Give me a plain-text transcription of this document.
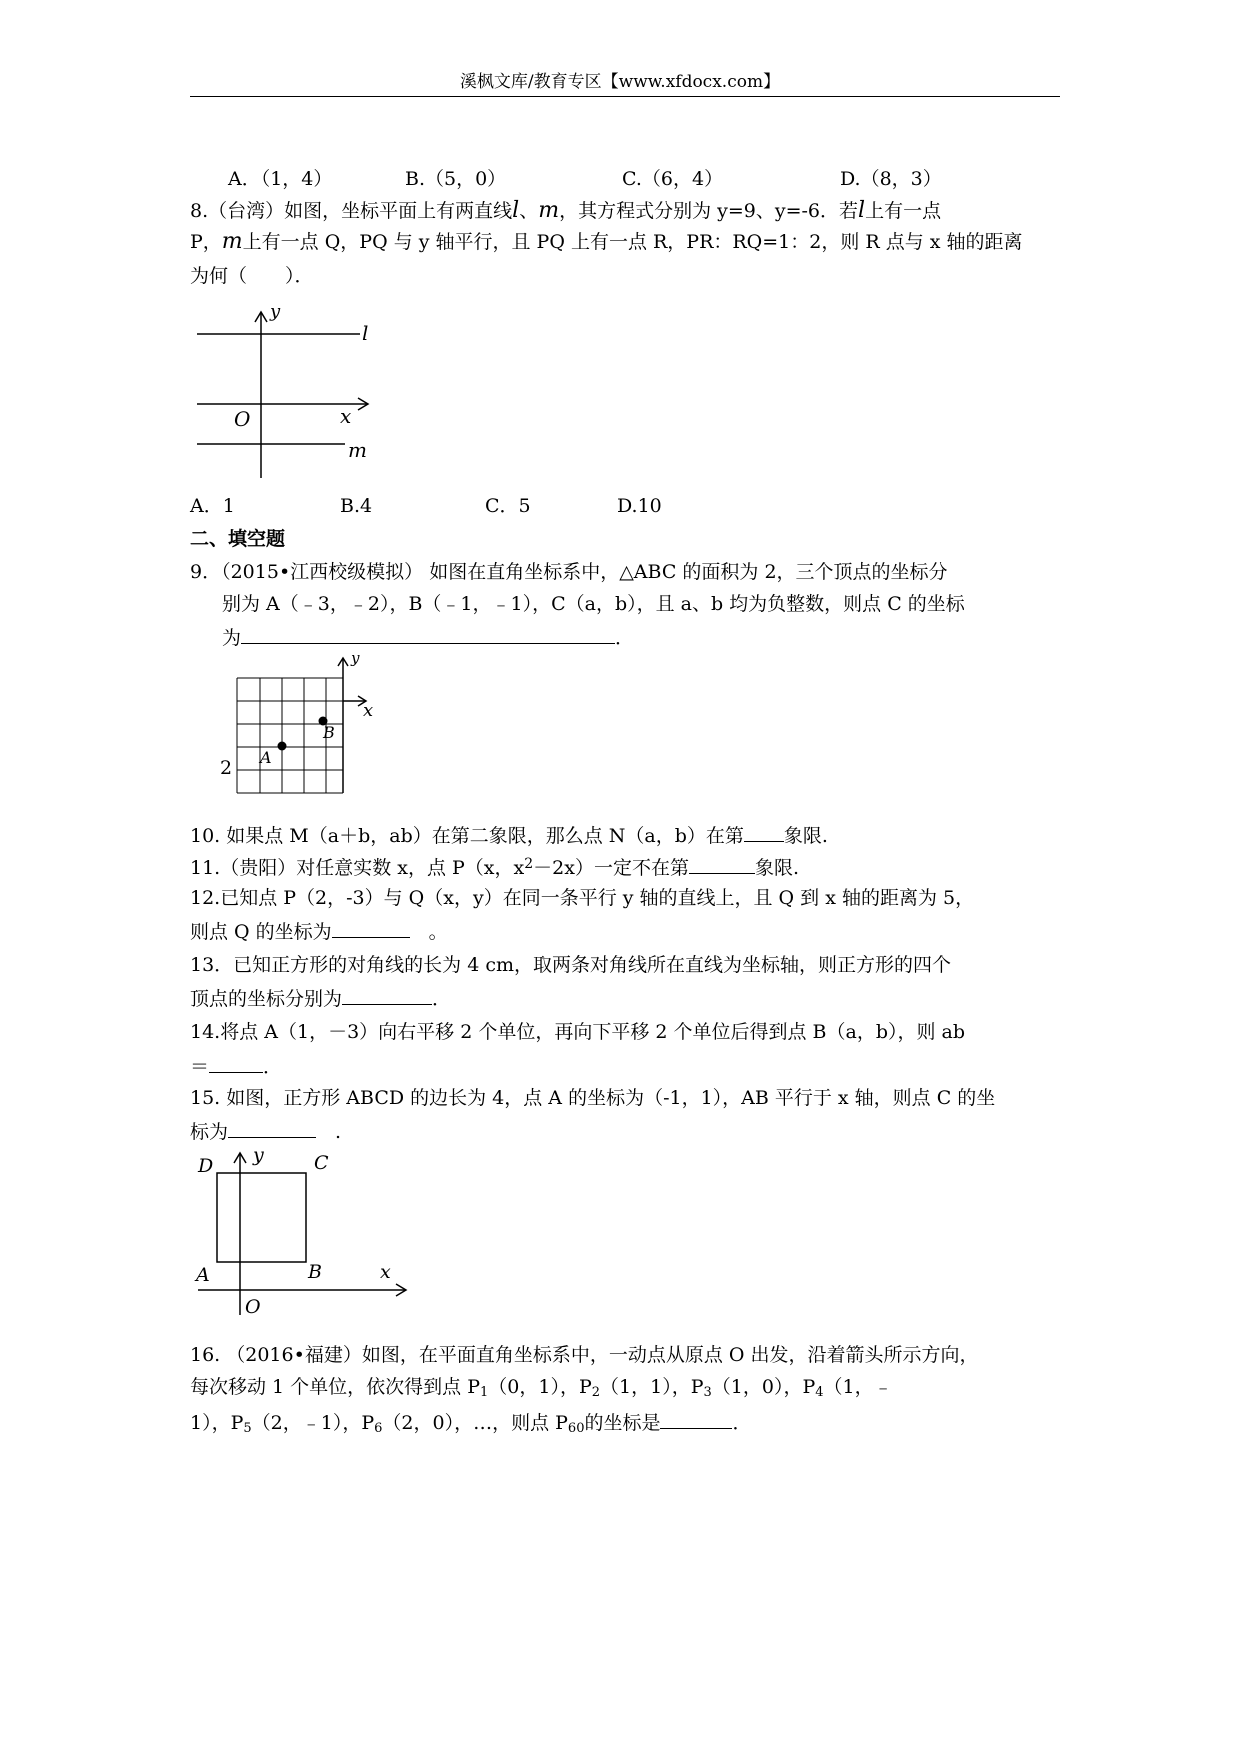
溪枫文库/教育专区【www.xfdocx.com】
A．（1，4）	B.（5，0）	C.（6，4）	D.（8，3）
8.（台湾）如图，坐标平面上有两直线l、m，其方程式分别为 y=9、y=-6．若l上有一点
P，m上有一点 Q，PQ 与 y 轴平行，且 PQ 上有一点 R，PR：RQ=1：2，则 R 点与 x 轴的距离
为何（　　）．
y
x
O
l
m
A．1	B.4	C．5	D.10
二、填空题
9．（2015•江西校级模拟） 如图在直角坐标系中，△ABC 的面积为 2，三个顶点的坐标分
别为 A（﹣3，﹣2），B（﹣1，﹣1），C（a，b），且 a、b 均为负整数，则点 C 的坐标
为	．
y
x
B
A
2
10. 如果点 M（a＋b，ab）在第二象限，那么点 N（a，b）在第 象限.
11.（贵阳）对任意实数 x，点 P（x，$x^2-2x$）一定不在第	象限.
12.已知点 P（2，-3）与 Q（x，y）在同一条平行 y 轴的直线上，且 Q 到 x 轴的距离为 5，
则点 Q 的坐标为	　。
13．已知正方形的对角线的长为 4 cm，取两条对角线所在直线为坐标轴，则正方形的四个
顶点的坐标分别为	．
14.将点 A（1，－3）向右平移 2 个单位，再向下平移 2 个单位后得到点 B（a，b），则 ab
＝	．
15. 如图，正方形 ABCD 的边长为 4，点 A 的坐标为（-1，1），AB 平行于 x 轴，则点 C 的坐
标为	　.
D y	C
A	B	x
O
16. （2016•福建）如图，在平面直角坐标系中，一动点从原点 O 出发，沿着箭头所示方向，
每次移动 1 个单位，依次得到点 $P_1(0$，1），$P_2(1$，1），$P_3(1$，0），$P_4(1$，﹣
1），$P_5(2$，﹣1），$P_6(2$，0），…，则点 $P_{60}$的坐标是	．
